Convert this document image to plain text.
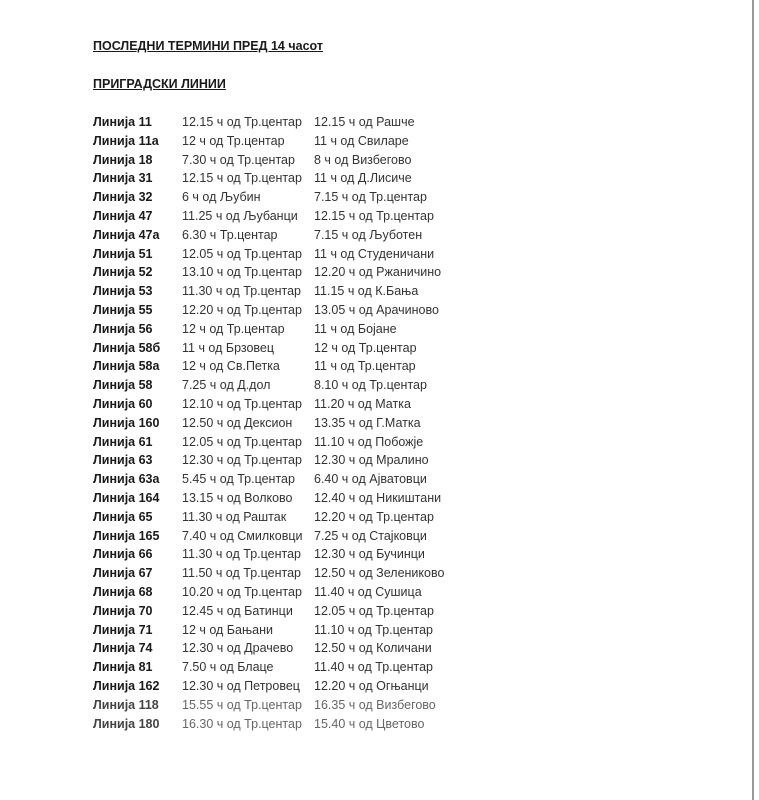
ПОСЛЕДНИ ТЕРМИНИ ПРЕД 14 часот
ПРИГРАДСКИ ЛИНИИ
Линија 11 12.15 ч од Тр.центар 12.15 ч од Рашче
Линија 11а 12 ч од Тр.центар 11 ч од Свиларе
Линија 18 7.30 ч од Тр.центар 8 ч од Визбегово
Линија 31 12.15 ч од Тр.центар 11 ч од Д.Лисиче
Линија 32 6 ч од Љубин	7.15 ч од Тр.центар
Линија 47 11.25 ч од Љубанци 12.15 ч од Тр.центар
Линија 47а 6.30 ч Тр.центар	7.15 ч од Љуботен
Линија 51 12.05 ч од Тр.центар 11 ч од Студеничани
Линија 52 13.10 ч од Тр.центар 12.20 ч од Ржаничино
Линија 53 11.30 ч од Тр.центар 11.15 ч од К.Бања
Линија 55 12.20 ч од Тр.центар 13.05 ч од Арачиново
Линија 56 12 ч од Тр.центар 11 ч од Бојане
Линија 58б 11 ч од Брзовец	12 ч од Тр.центар
Линија 58а 12 ч од Св.Петка	11 ч од Тр.центар
Линија 58 7.25 ч од Д.дол	8.10 ч од Тр.центар
Линија 60 12.10 ч од Тр.центар 11.20 ч од Матка
Линија 160 12.50 ч од Дексион 13.35 ч од Г.Матка
Линија 61 12.05 ч од Тр.центар 11.10 ч од Побожје
Линија 63 12.30 ч од Тр.центар 12.30 ч од Мралино
Линија 63а 5.45 ч од Тр.центар 6.40 ч од Ајватовци
Линија 164 13.15 ч од Волково 12.40 ч од Никиштани
Линија 65 11.30 ч од Раштак 12.20 ч од Тр.центар
Линија 165 7.40 ч од Смилковци 7.25 ч од Стајковци
Линија 66 11.30 ч од Тр.центар 12.30 ч од Бучинци
Линија 67 11.50 ч од Тр.центар 12.50 ч од Зелениково
Линија 68 10.20 ч од Тр.центар 11.40 ч од Сушица
Линија 70 12.45 ч од Батинци 12.05 ч од Тр.центар
Линија 71 12 ч од Бањани	11.10 ч од Тр.центар
Линија 74 12.30 ч од Драчево 12.50 ч од Количани
Линија 81 7.50 ч од Блаце	11.40 ч од Тр.центар
Линија 162 12.30 ч од Петровец 12.20 ч од Огњанци
Линија 118 15.55 ч од Тр.центар 16.35 ч од Визбегово
Линија 180 16.30 ч од Тр.центар 15.40 ч од Цветово
